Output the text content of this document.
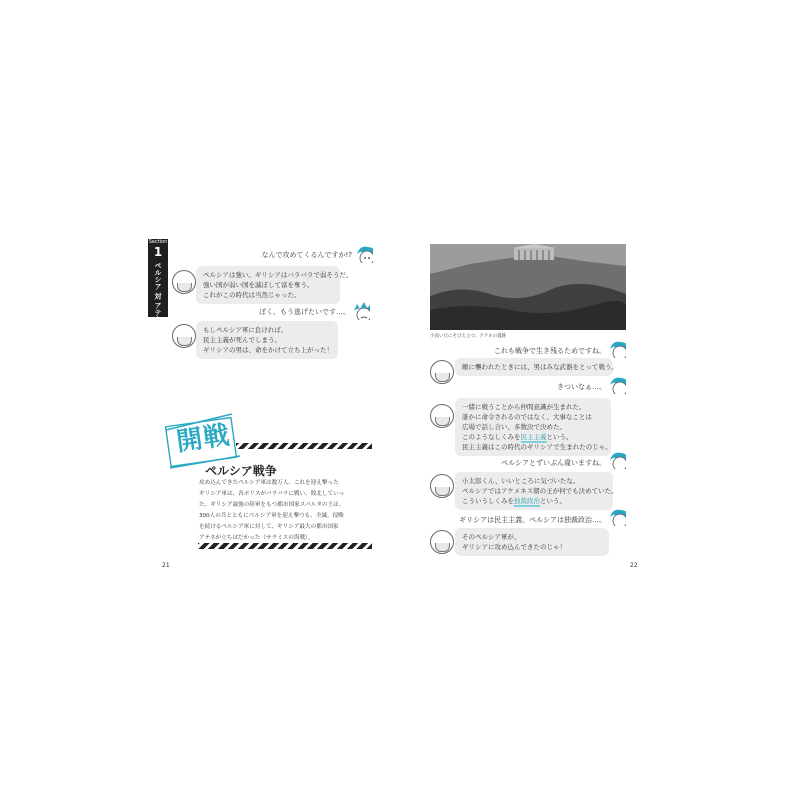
Section
1
ペルシア 対 アテネ
なんで攻めてくるんですか!?
ペルシアは強い。ギリシアはバラバラで弱そうだ。
強い国が弱い国を滅ぼして富を奪う。
これがこの時代は当然じゃった。
ぼく、もう逃げたいです…。
もしペルシア軍に負ければ、
民主主義が死んでしまう。
ギリシアの男は、命をかけて立ち上がった！
開戦
ペルシア戦争
攻め込んできたペルシア軍は数万人。これを迎え撃った
ギリシア軍は、各ポリスがバラバラに戦い、敗北していっ
た。ギリシア最強の陸軍をもつ都市国家スパルタの王は、
300人の兵とともにペルシア軍を迎え撃つも、全滅。侵略
を続けるペルシア軍に対して、ギリシア最大の都市国家
アテネが立ちはだかった（サラミスの海戦）。
21
小高い丘にそびえ立つ、アテネの遺跡
これも戦争で生き残るためですね。
敵に襲われたときには、男はみな武器をとって戦う。
きついなぁ…。
一緒に戦うことから仲間意識が生まれた。
誰かに命令されるのではなく、大事なことは
広場で話し合い、多数決で決めた。
このようなしくみを民主主義という。
民主主義はこの時代のギリシアで生まれたのじゃ。
ペルシアとずいぶん違いますね。
小太郎くん、いいところに気づいたな。
ペルシアではアケメネス朝の王が何でも決めていた。
こういうしくみを独裁政治という。
ギリシアは民主主義、ペルシアは独裁政治…。
そのペルシア軍が、
ギリシアに攻め込んできたのじゃ！
22
